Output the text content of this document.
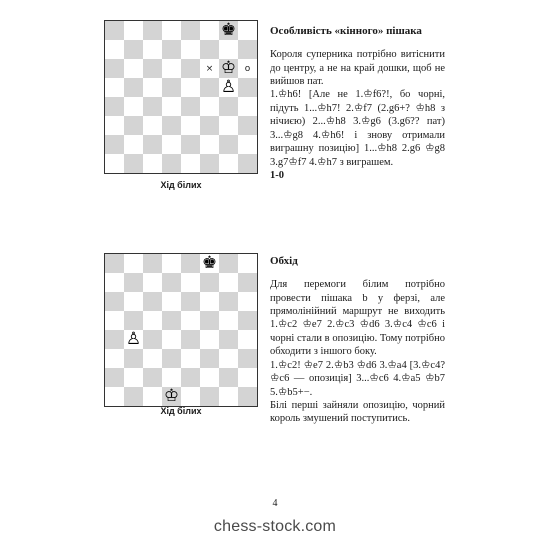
♚
× ♔ o
♙
Хід білих

Особливість «кінного» пішака

Короля суперника потрібно витіснити до центру, а не на край дошки, щоб не вийшов пат.

1.♔h6! [Але не 1.♔f6?!, бо чорні, підуть 1...♔h7! 2.♔f7 (2.g6+? ♔h8 з нічиєю) 2...♔h8 3.♔g6 (3.g6?? пат) 3...♔g8 4.♔h6! і знову отримали виграшну позицію] 1...♔h8 2.g6 ♔g8 3.g7♔f7 4.♔h7 з виграшем.

1-0

♚
♙
♔
Хід білих

Обхід

Для перемоги білим потрібно провести пішака b у ферзі, але прямолінійний маршрут не виходить 1.♔c2 ♔e7 2.♔c3 ♔d6 3.♔c4 ♔c6 і чорні стали в опозицію. Тому потрібно обходити з іншого боку.

1.♔c2! ♔e7 2.♔b3 ♔d6 3.♔a4 [3.♔c4? ♔c6 — опозиція] 3...♔c6 4.♔a5 ♔b7 5.♔b5+−.

Білі перші зайняли опозицію, чорний король змушений поступитись.

4
chess-stock.com
